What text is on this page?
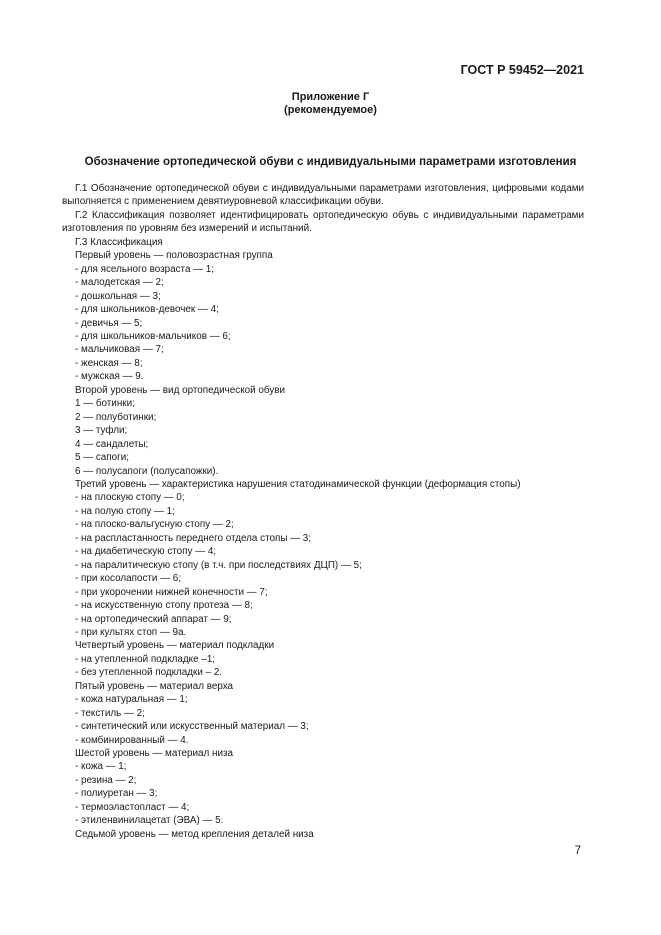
ГОСТ Р 59452—2021
Приложение Г
(рекомендуемое)
Обозначение ортопедической обуви с индивидуальными параметрами изготовления

Г.1 Обозначение ортопедической обуви с индивидуальными параметрами изготовления, цифровыми кодами выполняется с применением девятиуровневой классификации обуви.

Г.2 Классификация позволяет идентифицировать ортопедическую обувь с индивидуальными параметрами изготовления по уровням без измерений и испытаний.

Г.3 Классификация

Первый уровень — половозрастная группа

- для ясельного возраста — 1;

- малодетская — 2;

- дошкольная — 3;

- для школьников-девочек — 4;

- девичья — 5;

- для школьников-мальчиков — 6;

- мальчиковая — 7;

- женская — 8;

- мужская — 9.

Второй уровень — вид ортопедической обуви

1 — ботинки;

2 — полуботинки;

3 — туфли;

4 — сандалеты;

5 — сапоги;

6 — полусапоги (полусапожки).

Третий уровень — характеристика нарушения статодинамической функции (деформация стопы)

- на плоскую стопу — 0;

- на полую стопу — 1;

- на плоско-вальгусную стопу — 2;

- на распластанность переднего отдела стопы — 3;

- на диабетическую стопу — 4;

- на паралитическую стопу (в т.ч. при последствиях ДЦП) — 5;

- при косолапости — 6;

- при укорочении нижней конечности — 7;

- на искусственную стопу протеза — 8;

- на ортопедический аппарат — 9;

- при культях стоп — 9а.

Четвертый уровень — материал подкладки

- на утепленной подкладке –1;

- без утепленной подкладки – 2.

Пятый уровень — материал верха

- кожа натуральная — 1;

- текстиль — 2;

- синтетический или искусственный материал — 3;

- комбинированный — 4.

Шестой уровень — материал низа

- кожа — 1;

- резина — 2;

- полиуретан — 3;

- термоэластопласт — 4;

- этиленвинилацетат (ЭВА) — 5.

Седьмой уровень — метод крепления деталей низа

7
